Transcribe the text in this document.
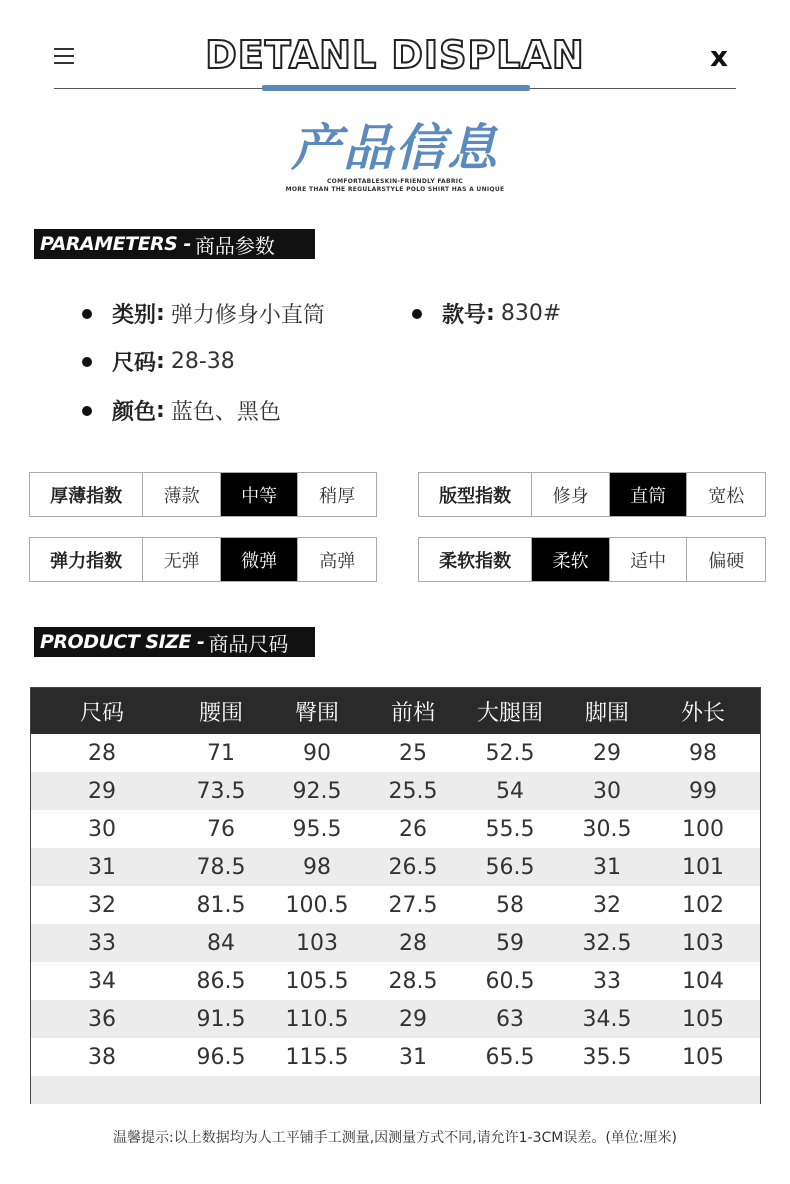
DETANL DISPLAN	x
产品信息
COMFORTABLESKIN-FRIENDLY FABRIC
MORE THAN THE REGULARSTYLE POLO SHIRT HAS A UNIQUE
PARAMETERS - 商品参数
类别 : 弹力修身小直筒	款号 : 830#
尺码 : 28-38
颜色 : 蓝色、黑色
厚薄指数	薄款	中等	稍厚	版型指数	修身	直筒	宽松
弹力指数	无弹	微弹	高弹	柔软指数	柔软	适中	偏硬
PRODUCT SIZE - 商品尺码
尺码	腰围	臀围	前档	大腿围	脚围	外长
28	71	90	25	52.5	29	98
29	73.5	92.5	25.5	54	30	99
30	76	95.5	26	55.5	30.5	100
31	78.5	98	26.5	56.5	31	101
32	81.5	100.5	27.5	58	32	102
33	84	103	28	59	32.5	103
34	86.5	105.5	28.5	60.5	33	104
36	91.5	110.5	29	63	34.5	105
38	96.5	115.5	31	65.5	35.5	105
温馨提示:以上数据均为人工平铺手工测量,因测量方式不同,请允许1-3CM误差。(单位:厘米)
